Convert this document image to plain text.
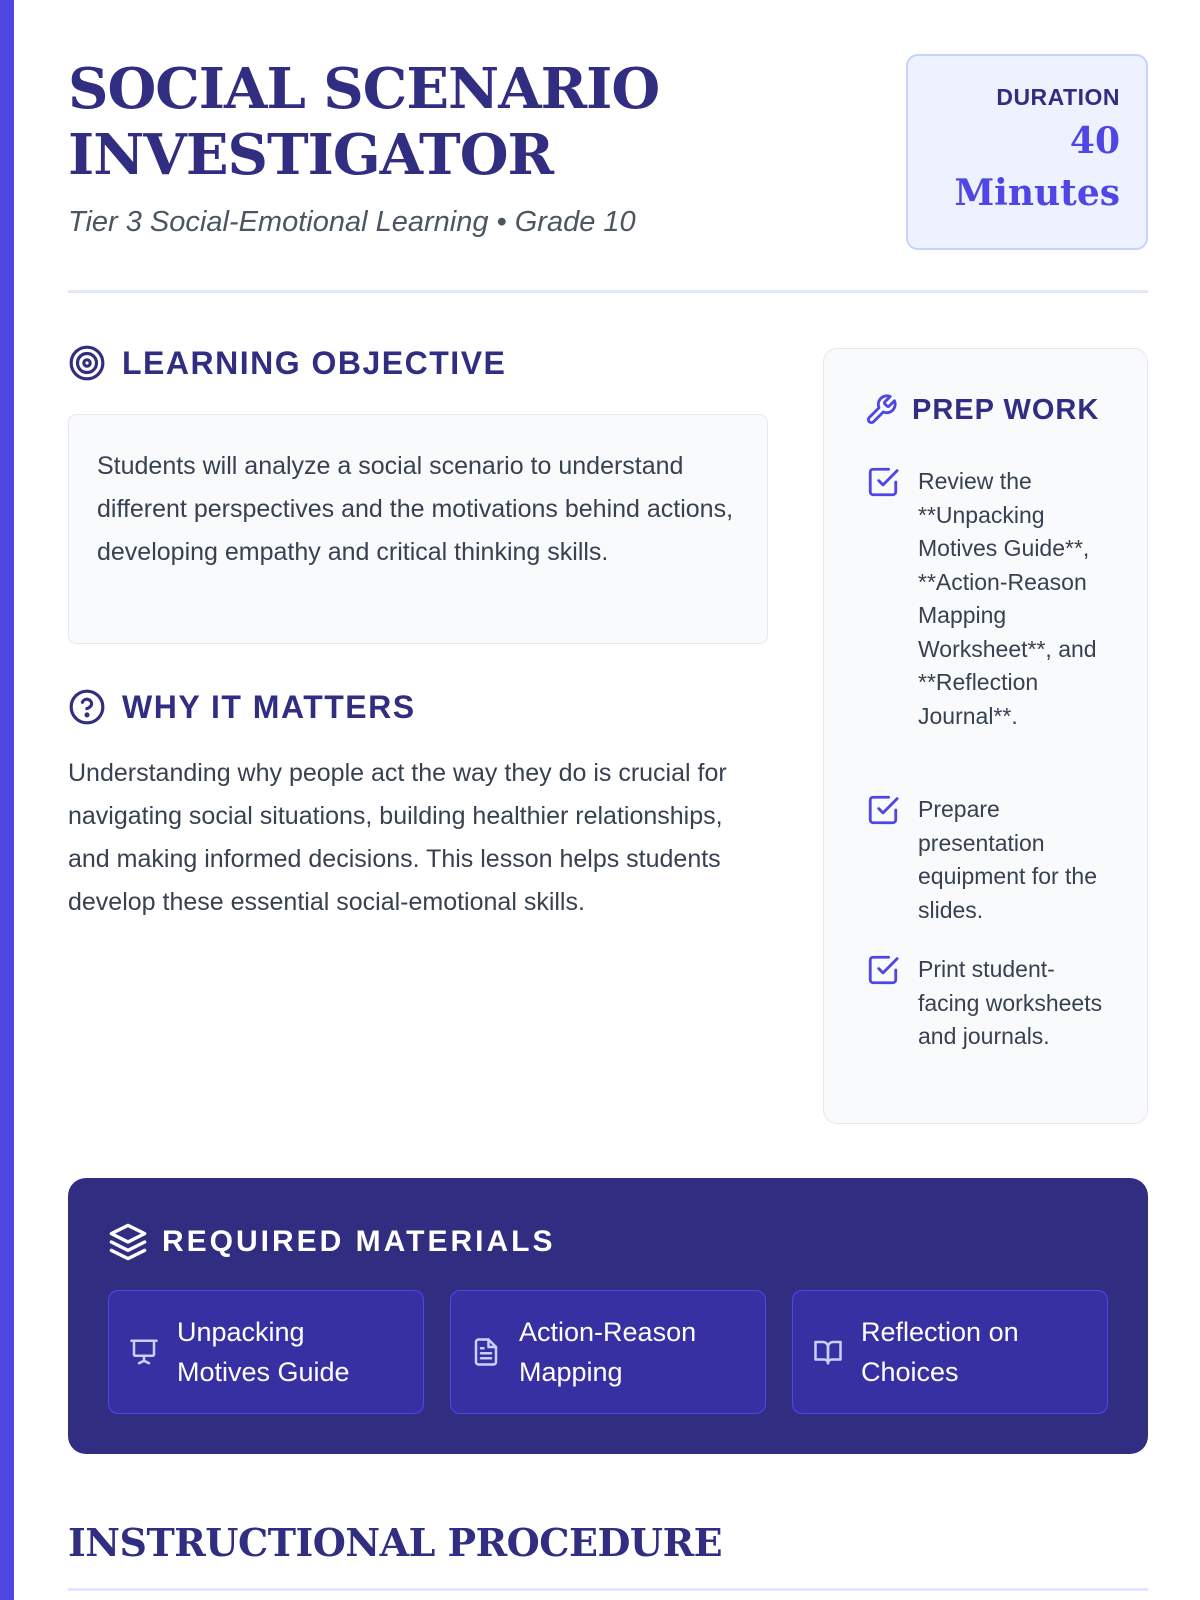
SOCIAL SCENARIO INVESTIGATOR
Tier 3 Social-Emotional Learning • Grade 10
DURATION
40 Minutes
LEARNING OBJECTIVE
Students will analyze a social scenario to understand different perspectives and the motivations behind actions, developing empathy and critical thinking skills.
WHY IT MATTERS
Understanding why people act the way they do is crucial for navigating social situations, building healthier relationships, and making informed decisions. This lesson helps students develop these essential social-emotional skills.
PREP WORK
Review the **Unpacking Motives Guide**, **Action-Reason Mapping Worksheet**, and **Reflection Journal**.
Prepare presentation equipment for the slides.
Print student-facing worksheets and journals.
REQUIRED MATERIALS
Unpacking Motives Guide
Action-Reason Mapping
Reflection on Choices
INSTRUCTIONAL PROCEDURE
